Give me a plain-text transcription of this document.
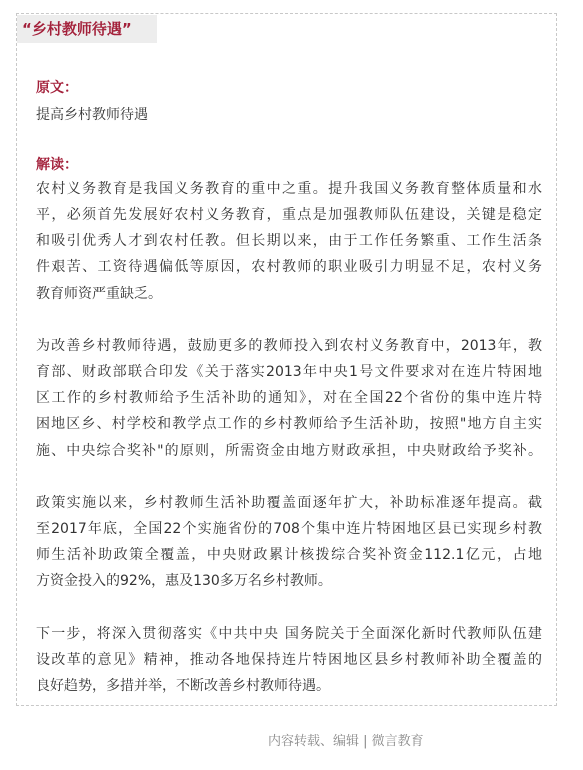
“乡村教师待遇”
原文：
提高乡村教师待遇
解读：
农村义务教育是我国义务教育的重中之重。提升我国义务教育整体质量和水
平，必须首先发展好农村义务教育，重点是加强教师队伍建设，关键是稳定
和吸引优秀人才到农村任教。但长期以来，由于工作任务繁重、工作生活条
件艰苦、工资待遇偏低等原因，农村教师的职业吸引力明显不足，农村义务
教育师资严重缺乏。
为改善乡村教师待遇，鼓励更多的教师投入到农村义务教育中，2013年，教
育部、财政部联合印发《关于落实2013年中央1号文件要求对在连片特困地
区工作的乡村教师给予生活补助的通知》，对在全国22个省份的集中连片特
困地区乡、村学校和教学点工作的乡村教师给予生活补助，按照"地方自主实
施、中央综合奖补"的原则，所需资金由地方财政承担，中央财政给予奖补。
政策实施以来，乡村教师生活补助覆盖面逐年扩大，补助标准逐年提高。截
至2017年底，全国22个实施省份的708个集中连片特困地区县已实现乡村教
师生活补助政策全覆盖，中央财政累计核拨综合奖补资金112.1亿元，占地
方资金投入的92%，惠及130多万名乡村教师。
下一步，将深入贯彻落实《中共中央 国务院关于全面深化新时代教师队伍建
设改革的意见》精神，推动各地保持连片特困地区县乡村教师补助全覆盖的
良好趋势，多措并举，不断改善乡村教师待遇。
内容转载、编辑 | 微言教育
